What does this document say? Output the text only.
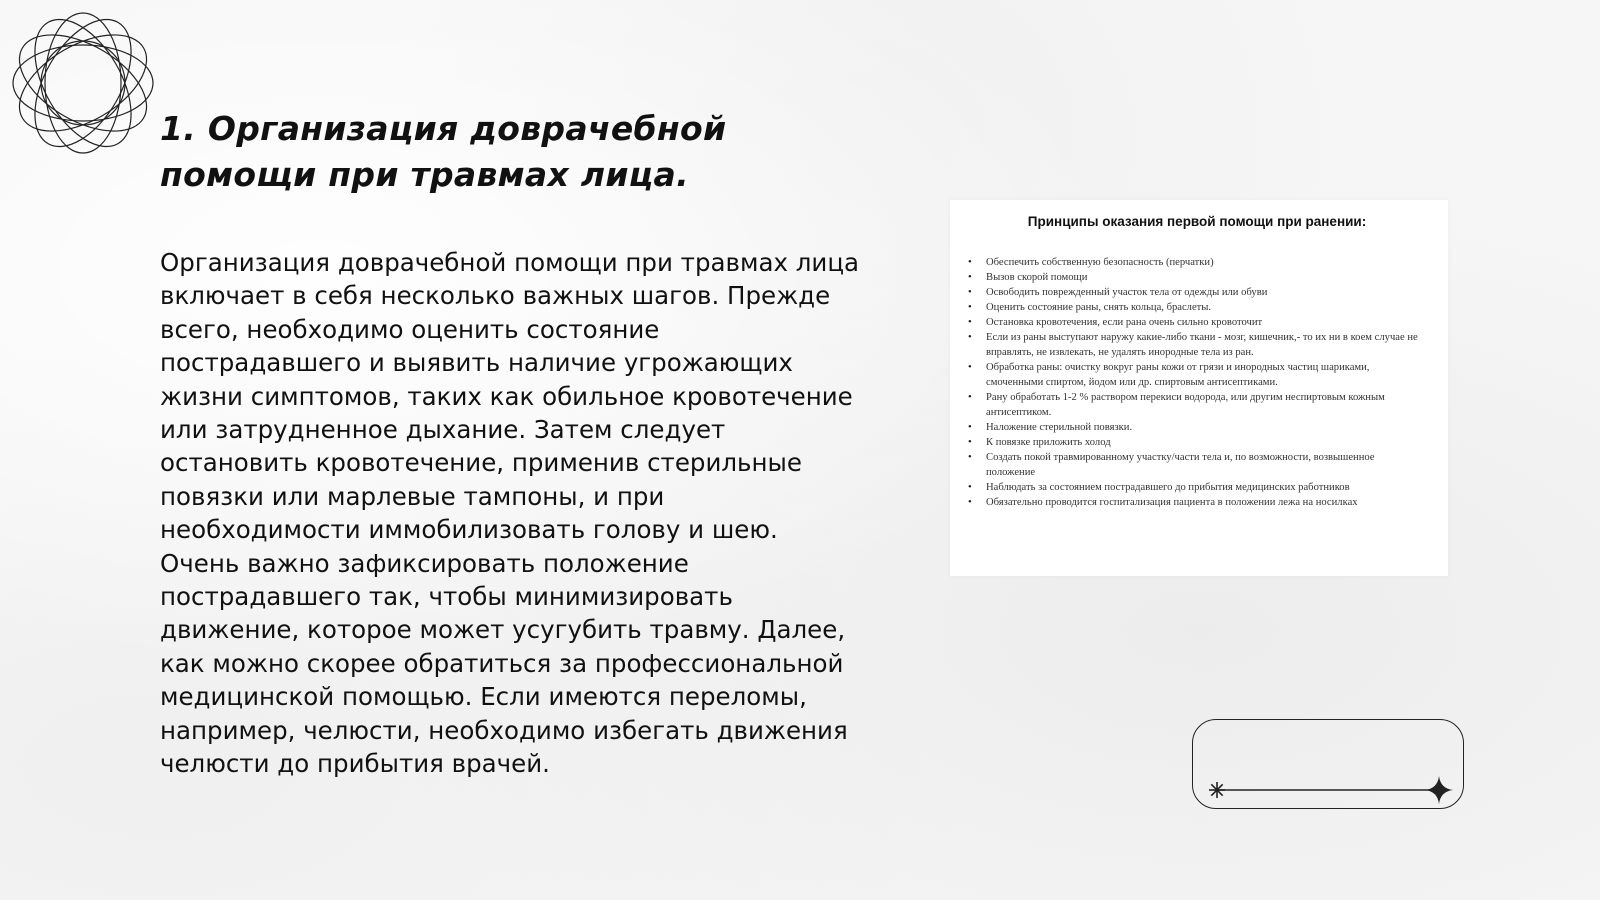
1. Организация доврачебной помощи при травмах лица.

Организация доврачебной помощи при травмах лица включает в себя несколько важных шагов. Прежде всего, необходимо оценить состояние пострадавшего и выявить наличие угрожающих жизни симптомов, таких как обильное кровотечение или затрудненное дыхание. Затем следует остановить кровотечение, применив стерильные повязки или марлевые тампоны, и при необходимости иммобилизовать голову и шею. Очень важно зафиксировать положение пострадавшего так, чтобы минимизировать движение, которое может усугубить травму. Далее, как можно скорее обратиться за профессиональной медицинской помощью. Если имеются переломы, например, челюсти, необходимо избегать движения челюсти до прибытия врачей.

Принципы оказания первой помощи при ранении:
• Обеспечить собственную безопасность (перчатки)
• Вызов скорой помощи
• Освободить поврежденный участок тела от одежды или обуви
• Оценить состояние раны, снять кольца, браслеты.
• Остановка кровотечения, если рана очень сильно кровоточит
• Если из раны выступают наружу какие-либо ткани - мозг, кишечник,- то их ни в коем случае не вправлять, не извлекать, не удалять инородные тела из ран.
• Обработка раны: очистку вокруг раны кожи от грязи и инородных частиц шариками, смоченными спиртом, йодом или др. спиртовым антисептиками.
• Рану обработать 1-2 % раствором перекиси водорода, или другим неспиртовым кожным антисептиком.
• Наложение стерильной повязки.
• К повязке приложить холод
• Создать покой травмированному участку/части тела и, по возможности, возвышенное положение
• Наблюдать за состоянием пострадавшего до прибытия медицинских работников
• Обязательно проводится госпитализация пациента в положении лежа на носилках
